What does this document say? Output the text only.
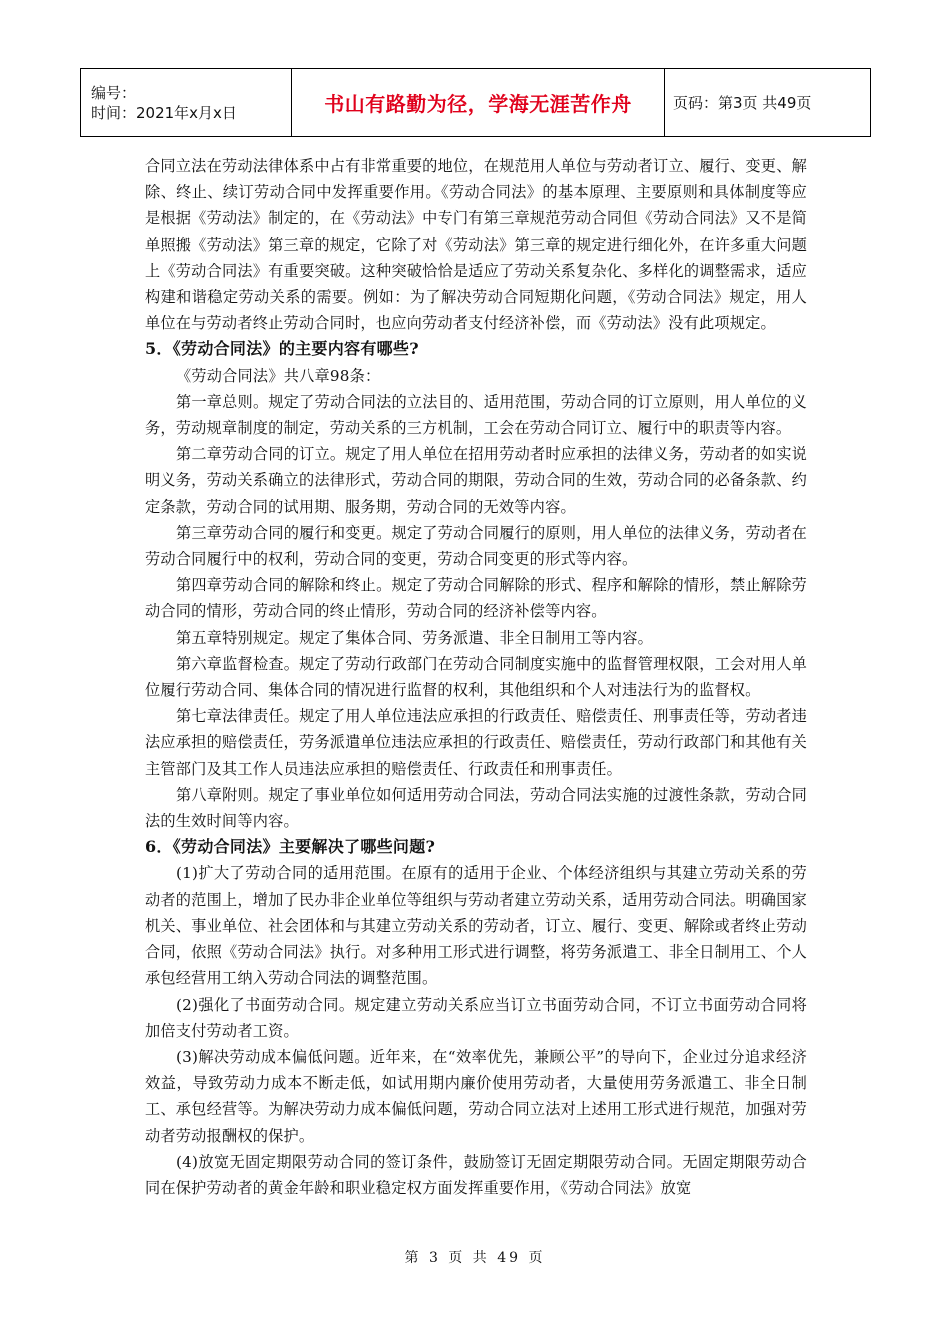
编号：
时间：2021年x月x日	书山有路勤为径，学海无涯苦作舟	页码：第3页 共49页

合同立法在劳动法律体系中占有非常重要的地位，在规范用人单位与劳动者订立、履行、变更、解除、终止、续订劳动合同中发挥重要作用。《劳动合同法》的基本原理、主要原则和具体制度等应是根据《劳动法》制定的，在《劳动法》中专门有第三章规范劳动合同但《劳动合同法》又不是简单照搬《劳动法》第三章的规定，它除了对《劳动法》第三章的规定进行细化外，在许多重大问题上《劳动合同法》有重要突破。这种突破恰恰是适应了劳动关系复杂化、多样化的调整需求，适应构建和谐稳定劳动关系的需要。例如：为了解决劳动合同短期化问题，《劳动合同法》规定，用人单位在与劳动者终止劳动合同时，也应向劳动者支付经济补偿，而《劳动法》没有此项规定。

5．《劳动合同法》的主要内容有哪些?

《劳动合同法》共八章98条：

第一章总则。规定了劳动合同法的立法目的、适用范围，劳动合同的订立原则，用人单位的义务，劳动规章制度的制定，劳动关系的三方机制，工会在劳动合同订立、履行中的职责等内容。

第二章劳动合同的订立。规定了用人单位在招用劳动者时应承担的法律义务，劳动者的如实说明义务，劳动关系确立的法律形式，劳动合同的期限，劳动合同的生效，劳动合同的必备条款、约定条款，劳动合同的试用期、服务期，劳动合同的无效等内容。

第三章劳动合同的履行和变更。规定了劳动合同履行的原则，用人单位的法律义务，劳动者在劳动合同履行中的权利，劳动合同的变更，劳动合同变更的形式等内容。

第四章劳动合同的解除和终止。规定了劳动合同解除的形式、程序和解除的情形，禁止解除劳动合同的情形，劳动合同的终止情形，劳动合同的经济补偿等内容。

第五章特别规定。规定了集体合同、劳务派遣、非全日制用工等内容。

第六章监督检查。规定了劳动行政部门在劳动合同制度实施中的监督管理权限，工会对用人单位履行劳动合同、集体合同的情况进行监督的权利，其他组织和个人对违法行为的监督权。

第七章法律责任。规定了用人单位违法应承担的行政责任、赔偿责任、刑事责任等，劳动者违法应承担的赔偿责任，劳务派遣单位违法应承担的行政责任、赔偿责任，劳动行政部门和其他有关主管部门及其工作人员违法应承担的赔偿责任、行政责任和刑事责任。

第八章附则。规定了事业单位如何适用劳动合同法，劳动合同法实施的过渡性条款，劳动合同法的生效时间等内容。

6．《劳动合同法》主要解决了哪些问题?

(1)扩大了劳动合同的适用范围。在原有的适用于企业、个体经济组织与其建立劳动关系的劳动者的范围上，增加了民办非企业单位等组织与劳动者建立劳动关系，适用劳动合同法。明确国家机关、事业单位、社会团体和与其建立劳动关系的劳动者，订立、履行、变更、解除或者终止劳动合同，依照《劳动合同法》执行。对多种用工形式进行调整，将劳务派遣工、非全日制用工、个人承包经营用工纳入劳动合同法的调整范围。

(2)强化了书面劳动合同。规定建立劳动关系应当订立书面劳动合同，不订立书面劳动合同将加倍支付劳动者工资。

(3)解决劳动成本偏低问题。近年来，在“效率优先，兼顾公平”的导向下，企业过分追求经济效益，导致劳动力成本不断走低，如试用期内廉价使用劳动者，大量使用劳务派遣工、非全日制工、承包经营等。为解决劳动力成本偏低问题，劳动合同立法对上述用工形式进行规范，加强对劳动者劳动报酬权的保护。

(4)放宽无固定期限劳动合同的签订条件，鼓励签订无固定期限劳动合同。无固定期限劳动合同在保护劳动者的黄金年龄和职业稳定权方面发挥重要作用，《劳动合同法》放宽

第 3 页 共 49 页
